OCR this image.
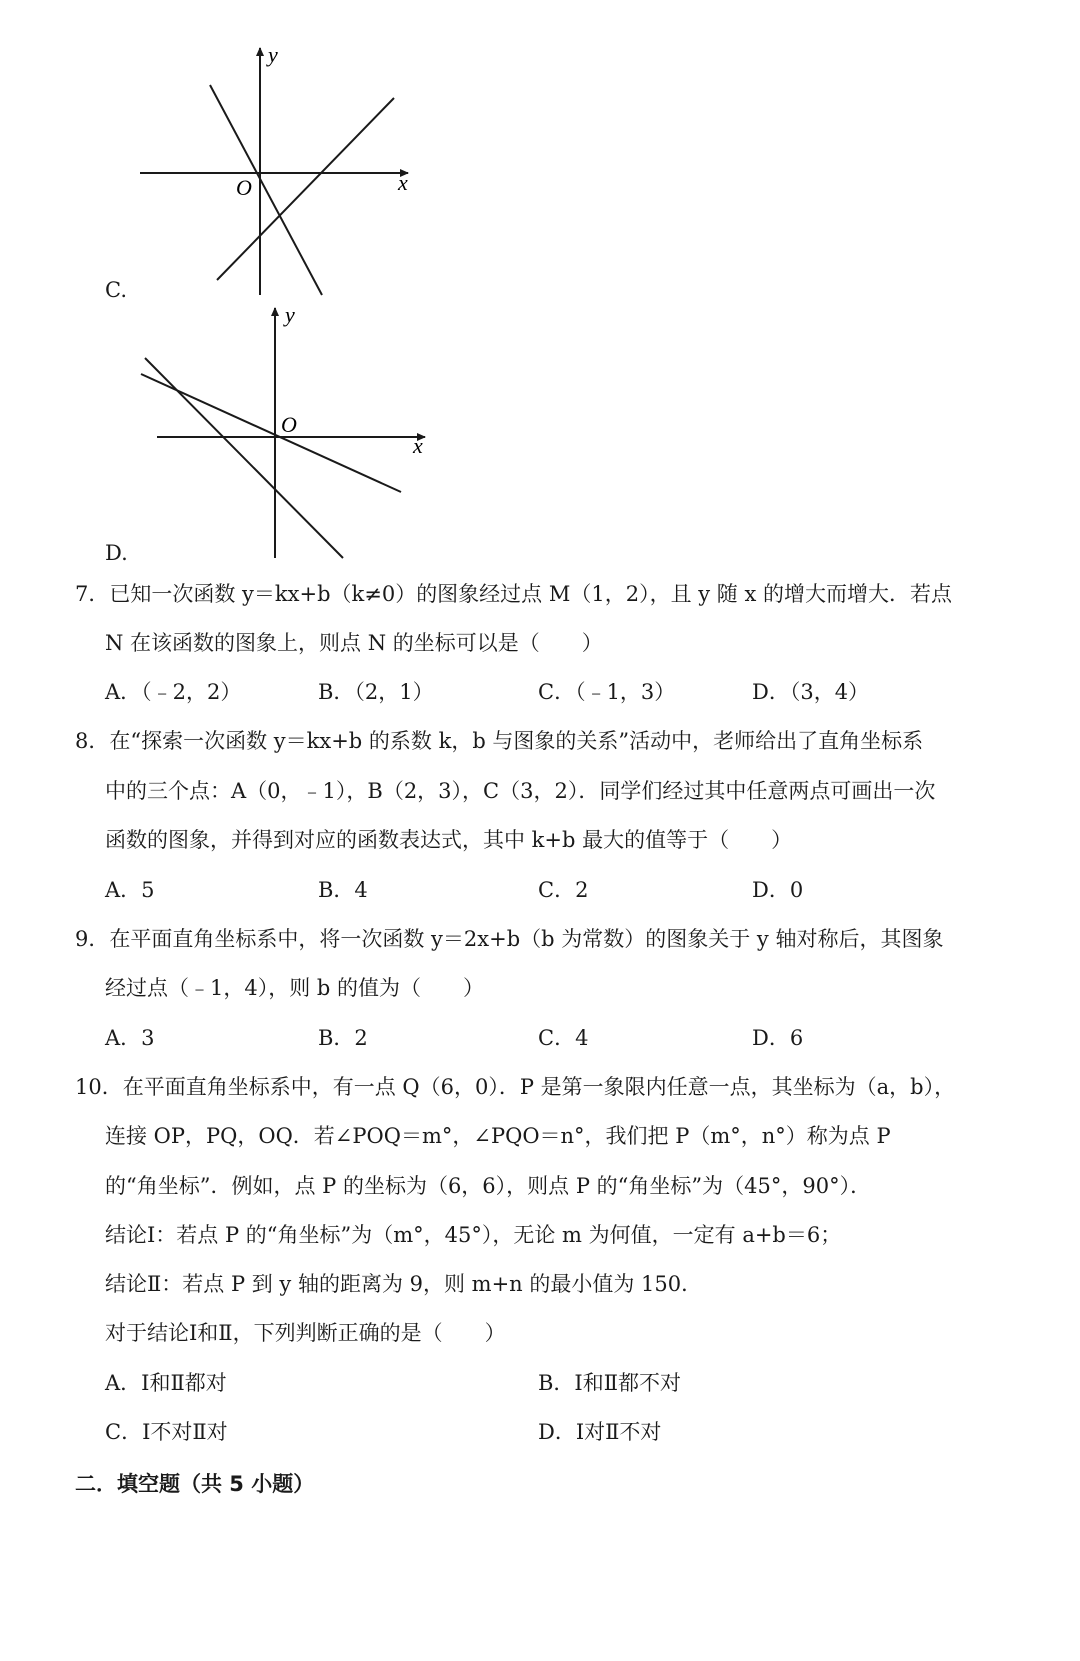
y
x
O
C.
y
x
O
D.
7．已知一次函数 y＝kx+b（k≠0）的图象经过点 M（1，2），且 y 随 x 的增大而增大．若点
N 在该函数的图象上，则点 N 的坐标可以是（　　）
A．（﹣2，2）	B．（2，1）	C．（﹣1，3）	D．（3，4）
8．在“探索一次函数 y＝kx+b 的系数 k，b 与图象的关系”活动中，老师给出了直角坐标系
中的三个点：A（0，﹣1），B（2，3），C（3，2）．同学们经过其中任意两点可画出一次
函数的图象，并得到对应的函数表达式，其中 k+b 最大的值等于（　　）
A．5	B．4	C．2	D．0
9．在平面直角坐标系中，将一次函数 y＝2x+b（b 为常数）的图象关于 y 轴对称后，其图象
经过点（﹣1，4），则 b 的值为（　　）
A．3	B．2	C．4	D．6
10．在平面直角坐标系中，有一点 Q（6，0）．P 是第一象限内任意一点，其坐标为（a，b），
连接 OP，PQ，OQ．若∠POQ＝m°，∠PQO＝n°，我们把 P（m°，n°）称为点 P
的“角坐标”．例如，点 P 的坐标为（6，6），则点 P 的“角坐标”为（45°，90°）．
结论Ⅰ：若点 P 的“角坐标”为（m°，45°），无论 m 为何值，一定有 a+b＝6；
结论Ⅱ：若点 P 到 y 轴的距离为 9，则 m+n 的最小值为 150．
对于结论Ⅰ和Ⅱ，下列判断正确的是（　　）
A．Ⅰ和Ⅱ都对	B．Ⅰ和Ⅱ都不对
C．Ⅰ不对Ⅱ对	D．Ⅰ对Ⅱ不对
二．填空题（共 5 小题）
